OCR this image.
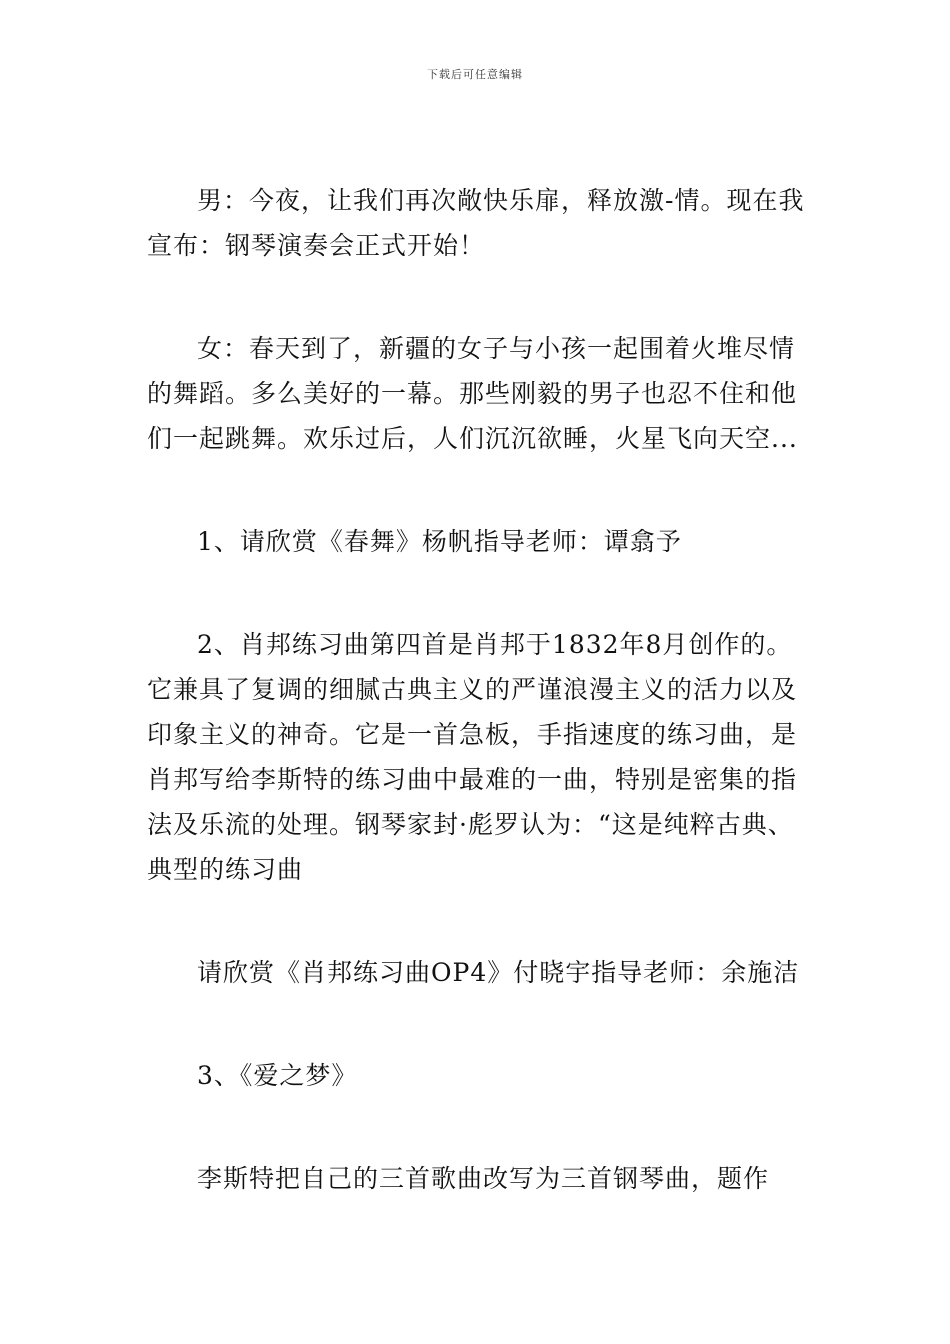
下载后可任意编辑

男：今夜，让我们再次敞快乐扉，释放激-情。现在我宣布：钢琴演奏会正式开始！

女：春天到了，新疆的女子与小孩一起围着火堆尽情的舞蹈。多么美好的一幕。那些刚毅的男子也忍不住和他们一起跳舞。欢乐过后，人们沉沉欲睡，火星飞向天空...

1、请欣赏《春舞》杨帆指导老师：谭翕予

2、肖邦练习曲第四首是肖邦于1832年8月创作的。它兼具了复调的细腻古典主义的严谨浪漫主义的活力以及印象主义的神奇。它是一首急板，手指速度的练习曲，是肖邦写给李斯特的练习曲中最难的一曲，特别是密集的指法及乐流的处理。钢琴家封·彪罗认为：“这是纯粹古典、典型的练习曲

请欣赏《肖邦练习曲OP4》付晓宇指导老师：余施洁

3、《爱之梦》

李斯特把自己的三首歌曲改写为三首钢琴曲，题作
